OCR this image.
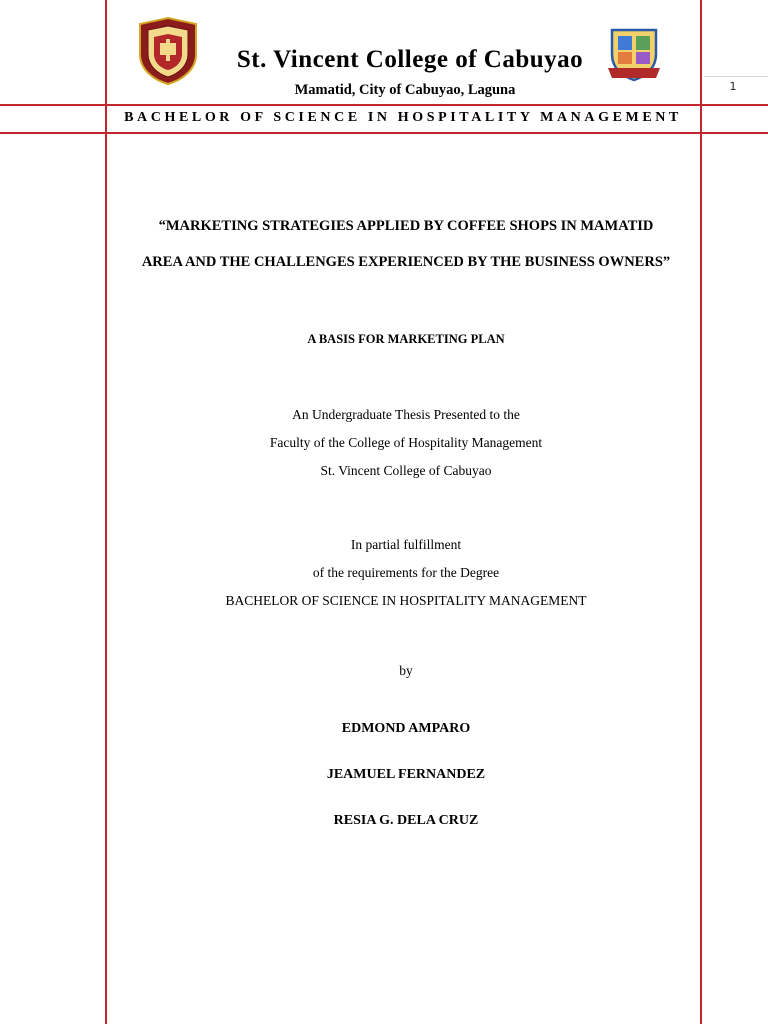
1
St. Vincent College of Cabuyao
Mamatid, City of Cabuyao, Laguna
BACHELOR OF SCIENCE IN HOSPITALITY MANAGEMENT
“MARKETING STRATEGIES APPLIED BY COFFEE SHOPS IN MAMATID AREA AND THE CHALLENGES EXPERIENCED BY THE BUSINESS OWNERS”
A BASIS FOR MARKETING PLAN
An Undergraduate Thesis Presented to the
Faculty of the College of Hospitality Management
St. Vincent College of Cabuyao
In partial fulfillment
of the requirements for the Degree
BACHELOR OF SCIENCE IN HOSPITALITY MANAGEMENT
by
EDMOND AMPARO
JEAMUEL FERNANDEZ
RESIA G. DELA CRUZ
